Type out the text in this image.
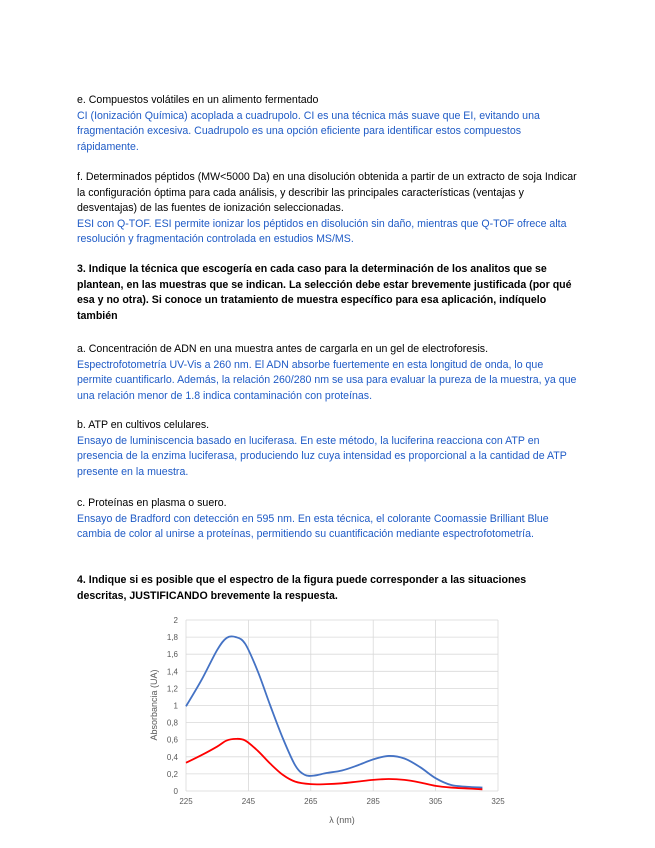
e. Compuestos volátiles en un alimento fermentado

CI (Ionización Química) acoplada a cuadrupolo. CI es una técnica más suave que EI, evitando una fragmentación excesiva. Cuadrupolo es una opción eficiente para identificar estos compuestos rápidamente.

f. Determinados péptidos (MW<5000 Da) en una disolución obtenida a partir de un extracto de soja Indicar la configuración óptima para cada análisis, y describir las principales características (ventajas y desventajas) de las fuentes de ionización seleccionadas.

ESI con Q-TOF. ESI permite ionizar los péptidos en disolución sin daño, mientras que Q-TOF ofrece alta resolución y fragmentación controlada en estudios MS/MS.

3. Indique la técnica que escogería en cada caso para la determinación de los analitos que se plantean, en las muestras que se indican. La selección debe estar brevemente justificada (por qué esa y no otra). Si conoce un tratamiento de muestra específico para esa aplicación, indíquelo también

a. Concentración de ADN en una muestra antes de cargarla en un gel de electroforesis.

Espectrofotometría UV-Vis a 260 nm. El ADN absorbe fuertemente en esta longitud de onda, lo que permite cuantificarlo. Además, la relación 260/280 nm se usa para evaluar la pureza de la muestra, ya que una relación menor de 1.8 indica contaminación con proteínas.

b. ATP en cultivos celulares.

Ensayo de luminiscencia basado en luciferasa. En este método, la luciferina reacciona con ATP en presencia de la enzima luciferasa, produciendo luz cuya intensidad es proporcional a la cantidad de ATP presente en la muestra.

c. Proteínas en plasma o suero.

Ensayo de Bradford con detección en 595 nm. En esta técnica, el colorante Coomassie Brilliant Blue cambia de color al unirse a proteínas, permitiendo su cuantificación mediante espectrofotometría.

4. Indique si es posible que el espectro de la figura puede corresponder a las situaciones descritas, JUSTIFICANDO brevemente la respuesta.
0
0,2
0,4
0,6
0,8
1
1,2
1,4
1,6
1,8
2
225	245	265	285	305	325
Absorbancia (UA)
λ (nm)
